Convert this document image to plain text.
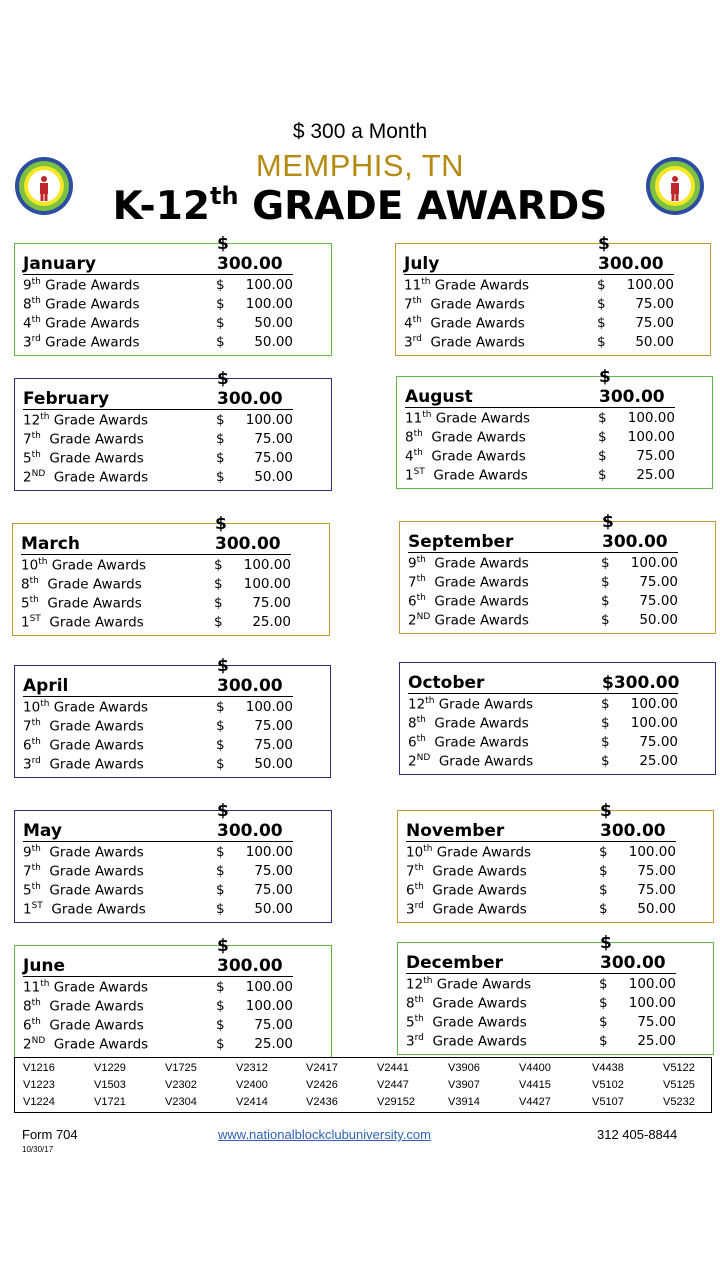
$ 300 a Month
MEMPHIS, TN
K-12th GRADE AWARDS
January
$ 300.00
9th Grade Awards	$	100.00
8th Grade Awards	$	100.00
4th Grade Awards	$	50.00
3rd Grade Awards	$	50.00
July
$ 300.00
11th Grade Awards	$	100.00
7th  Grade Awards	$	75.00
4th  Grade Awards	$	75.00
3rd  Grade Awards	$	50.00
February
$ 300.00
12th Grade Awards	$	100.00
7th  Grade Awards	$	75.00
5th  Grade Awards	$	75.00
2ND  Grade Awards	$	50.00
August
$ 300.00
11th Grade Awards	$	100.00
8th  Grade Awards	$	100.00
4th  Grade Awards	$	75.00
1ST  Grade Awards	$	25.00
March
$ 300.00
10th Grade Awards	$	100.00
8th  Grade Awards	$	100.00
5th  Grade Awards	$	75.00
1ST  Grade Awards	$	25.00
September
$ 300.00
9th  Grade Awards	$	100.00
7th  Grade Awards	$	75.00
6th  Grade Awards	$	75.00
2ND Grade Awards	$	50.00
April
$ 300.00
10th Grade Awards	$	100.00
7th  Grade Awards	$	75.00
6th  Grade Awards	$	75.00
3rd  Grade Awards	$	50.00
October	$300.00
12th Grade Awards	$	100.00
8th  Grade Awards	$	100.00
6th  Grade Awards	$	75.00
2ND  Grade Awards	$	25.00
May
$ 300.00
9th  Grade Awards	$	100.00
7th  Grade Awards	$	75.00
5th  Grade Awards	$	75.00
1ST  Grade Awards	$	50.00
November
$ 300.00
10th Grade Awards	$	100.00
7th  Grade Awards	$	75.00
6th  Grade Awards	$	75.00
3rd  Grade Awards	$	50.00
June
$ 300.00
11th Grade Awards	$	100.00
8th  Grade Awards	$	100.00
6th  Grade Awards	$	75.00
2ND  Grade Awards	$	25.00
December
$ 300.00
12th Grade Awards	$	100.00
8th  Grade Awards	$	100.00
5th  Grade Awards	$	75.00
3rd  Grade Awards	$	25.00
V1216	V1229	V1725	V2312	V2417	V2441	V3906	V4400	V4438	V5122
V1223	V1503	V2302	V2400	V2426	V2447	V3907	V4415	V5102	V5125
V1224	V1721	V2304	V2414	V2436	V29152	V3914	V4427	V5107	V5232
Form 704
10/30/17
www.nationalblockclubuniversity.com	312 405-8844
